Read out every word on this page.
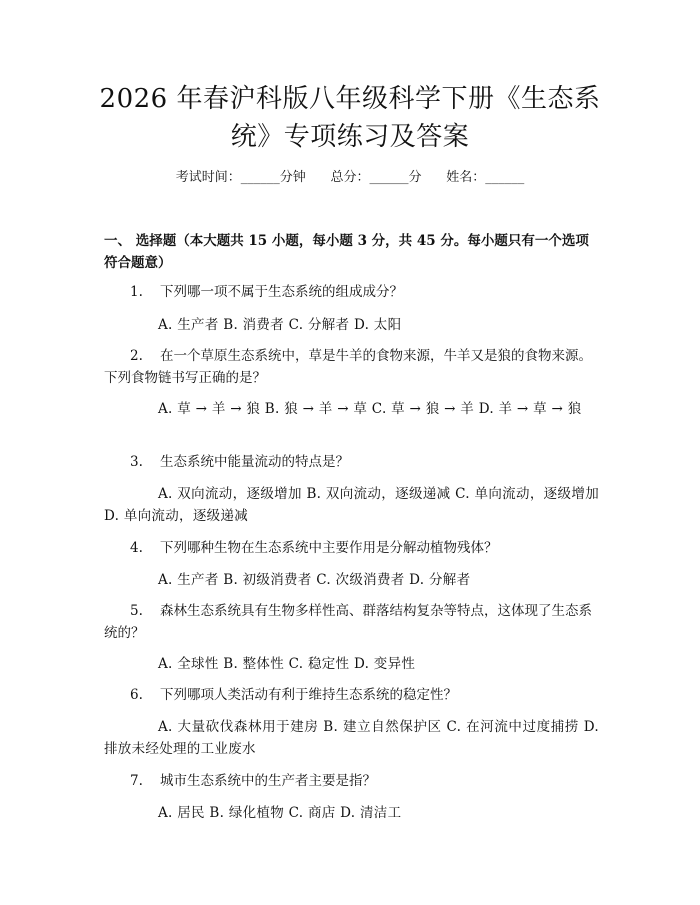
2026 年春沪科版八年级科学下册《生态系统》专项练习及答案
考试时间：______分钟      总分：______分      姓名：______
一、 选择题（本大题共 15 小题，每小题 3 分，共 45 分。每小题只有一个选项符合题意）
1. 下列哪一项不属于生态系统的组成成分？
A. 生产者 B. 消费者 C. 分解者 D. 太阳
2. 在一个草原生态系统中，草是牛羊的食物来源，牛羊又是狼的食物来源。下列食物链书写正确的是？
A. 草 → 羊 → 狼 B. 狼 → 羊 → 草 C. 草 → 狼 → 羊 D. 羊 → 草 → 狼
3. 生态系统中能量流动的特点是？
A. 双向流动，逐级增加 B. 双向流动，逐级递减 C. 单向流动，逐级增加 D. 单向流动，逐级递减
4. 下列哪种生物在生态系统中主要作用是分解动植物残体？
A. 生产者 B. 初级消费者 C. 次级消费者 D. 分解者
5. 森林生态系统具有生物多样性高、群落结构复杂等特点，这体现了生态系统的？
A. 全球性 B. 整体性 C. 稳定性 D. 变异性
6. 下列哪项人类活动有利于维持生态系统的稳定性？
A. 大量砍伐森林用于建房 B. 建立自然保护区 C. 在河流中过度捕捞 D. 排放未经处理的工业废水
7. 城市生态系统中的生产者主要是指？
A. 居民 B. 绿化植物 C. 商店 D. 清洁工
